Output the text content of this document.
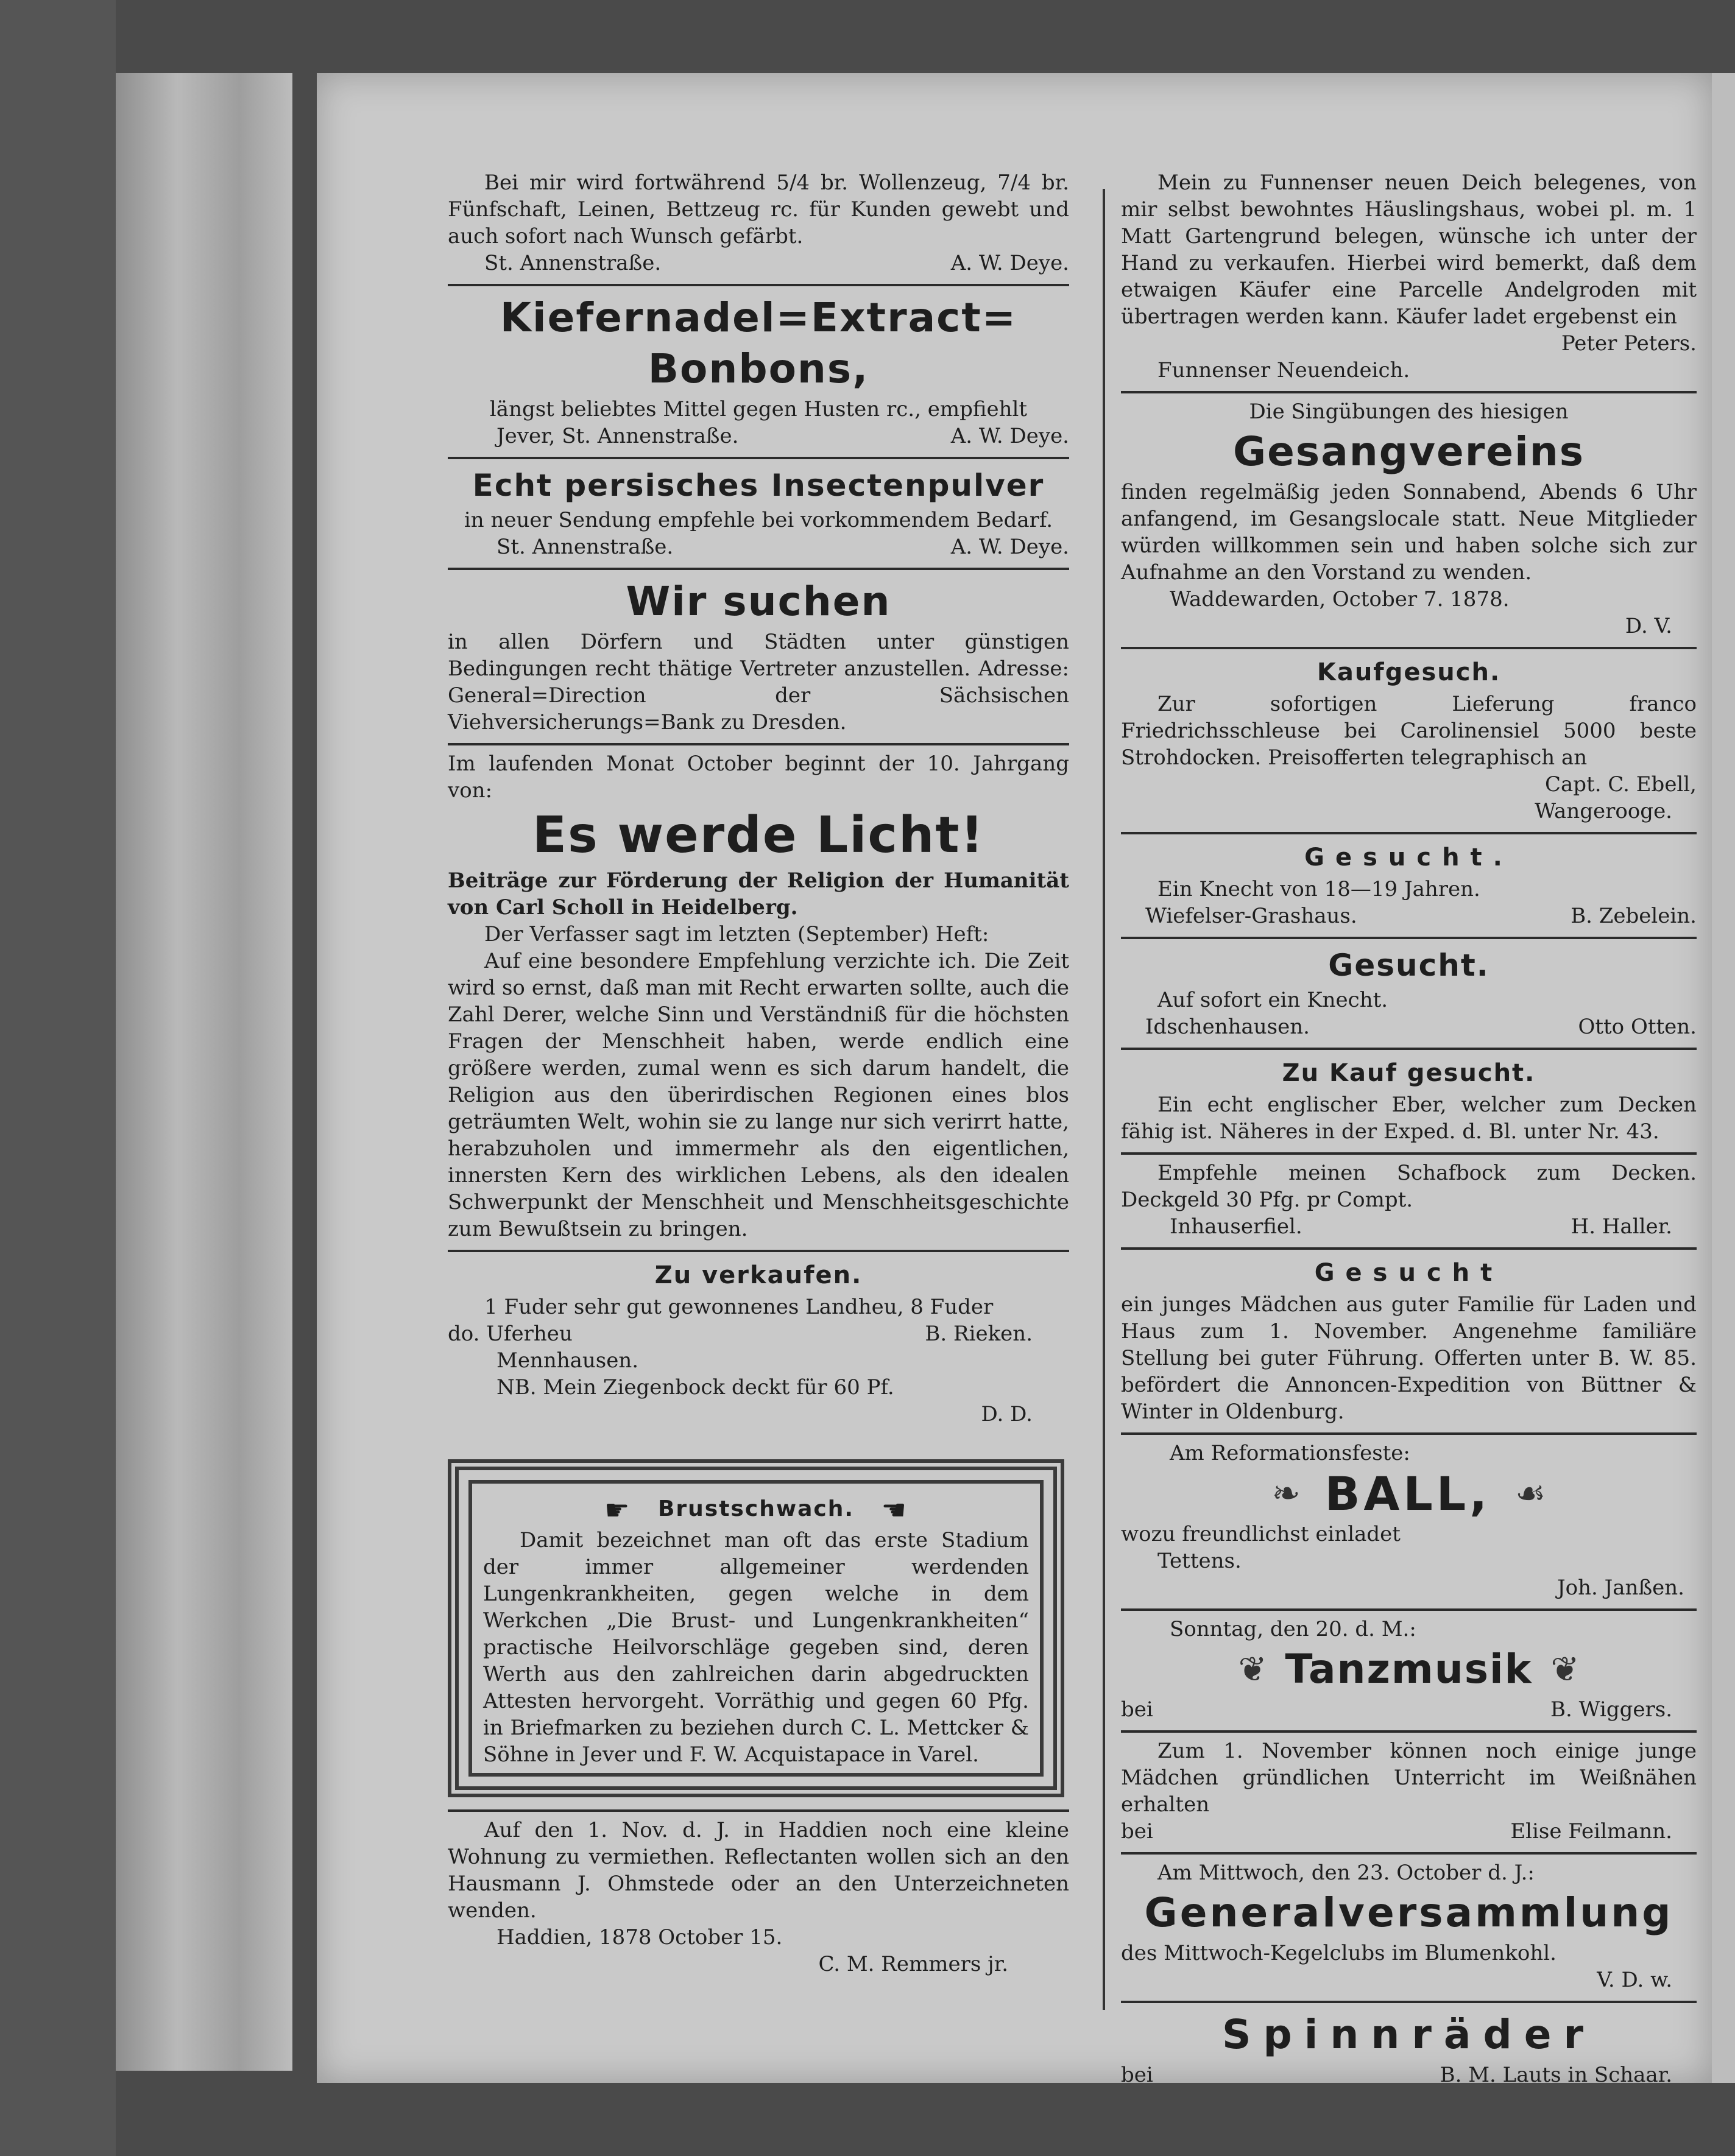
Bei mir wird fortwährend 5/4 br. Wollenzeug, 7/4 br. Fünfschaft, Leinen, Bettzeug rc. für Kunden gewebt und auch sofort nach Wunsch gefärbt.

St. Annenstraße.	A. W. Deye.
Kiefernadel=Extract=
Bonbons,

längst beliebtes Mittel gegen Husten rc., empfiehlt

Jever, St. Annenstraße.	A. W. Deye.
Echt persisches Insectenpulver

in neuer Sendung empfehle bei vorkommendem Bedarf.

St. Annenstraße.	A. W. Deye.
Wir suchen

in allen Dörfern und Städten unter günstigen Bedingungen recht thätige Vertreter anzustellen. Adresse: General=Direction der Sächsischen Viehversicherungs=Bank zu Dresden.

Im laufenden Monat October beginnt der 10. Jahrgang von:

Es werde Licht!

Beiträge zur Förderung der Religion der Humanität von Carl Scholl in Heidelberg.

Der Verfasser sagt im letzten (September) Heft:

Auf eine besondere Empfehlung verzichte ich. Die Zeit wird so ernst, daß man mit Recht erwarten sollte, auch die Zahl Derer, welche Sinn und Verständniß für die höchsten Fragen der Menschheit haben, werde endlich eine größere werden, zumal wenn es sich darum handelt, die Religion aus den überirdischen Regionen eines blos geträumten Welt, wohin sie zu lange nur sich verirrt hatte, herabzuholen und immermehr als den eigentlichen, innersten Kern des wirklichen Lebens, als den idealen Schwerpunkt der Menschheit und Menschheitsgeschichte zum Bewußtsein zu bringen.

Zu verkaufen.

1 Fuder sehr gut gewonnenes Landheu, 8 Fuder

do. Uferheu	B. Rieken.

Mennhausen.

NB. Mein Ziegenbock deckt für 60 Pf.

D. D.
☛ Brustschwach. ☚

Damit bezeichnet man oft das erste Stadium der immer allgemeiner werdenden Lungenkrankheiten, gegen welche in dem Werkchen „Die Brust- und Lungenkrankheiten“ practische Heilvorschläge gegeben sind, deren Werth aus den zahlreichen darin abgedruckten Attesten hervorgeht. Vorräthig und gegen 60 Pfg. in Briefmarken zu beziehen durch C. L. Mettcker & Söhne in Jever und F. W. Acquistapace in Varel.

Auf den 1. Nov. d. J. in Haddien noch eine kleine Wohnung zu vermiethen. Reflectanten wollen sich an den Hausmann J. Ohmstede oder an den Unterzeichneten wenden.

Haddien, 1878 October 15.

C. M. Remmers jr.

Mein zu Funnenser neuen Deich belegenes, von mir selbst bewohntes Häuslingshaus, wobei pl. m. 1 Matt Gartengrund belegen, wünsche ich unter der Hand zu verkaufen. Hierbei wird bemerkt, daß dem etwaigen Käufer eine Parcelle Andelgroden mit übertragen werden kann. Käufer ladet ergebenst ein

Peter Peters.

Funnenser Neuendeich.

Die Singübungen des hiesigen

Gesangvereins

finden regelmäßig jeden Sonnabend, Abends 6 Uhr anfangend, im Gesangslocale statt. Neue Mitglieder würden willkommen sein und haben solche sich zur Aufnahme an den Vorstand zu wenden.

Waddewarden, October 7. 1878.

D. V.
Kaufgesuch.

Zur sofortigen Lieferung franco Friedrichsschleuse bei Carolinensiel 5000 beste Strohdocken. Preisofferten telegraphisch an

Capt. C. Ebell,
Wangerooge.
Gesucht.

Ein Knecht von 18—19 Jahren.

Wiefelser-Grashaus.	B. Zebelein.
Gesucht.

Auf sofort ein Knecht.

Idschenhausen.	Otto Otten.
Zu Kauf gesucht.

Ein echt englischer Eber, welcher zum Decken fähig ist. Näheres in der Exped. d. Bl. unter Nr. 43.

Empfehle meinen Schafbock zum Decken. Deckgeld 30 Pfg. pr Compt.

Inhauserfiel.	H. Haller.
Gesucht

ein junges Mädchen aus guter Familie für Laden und Haus zum 1. November. Angenehme familiäre Stellung bei guter Führung. Offerten unter B. W. 85. befördert die Annoncen-Expedition von Büttner & Winter in Oldenburg.

Am Reformationsfeste:

❧ BALL, ☙

wozu freundlichst einladet

Tettens.

Joh. Janßen.

Sonntag, den 20. d. M.:

❦ Tanzmusik ❦
bei	B. Wiggers.

Zum 1. November können noch einige junge Mädchen gründlichen Unterricht im Weißnähen erhalten

bei	Elise Feilmann.

Am Mittwoch, den 23. October d. J.:

Generalversammlung

des Mittwoch-Kegelclubs im Blumenkohl.

V. D. w.
Spinnräder
bei	B. M. Lauts in Schaar.
